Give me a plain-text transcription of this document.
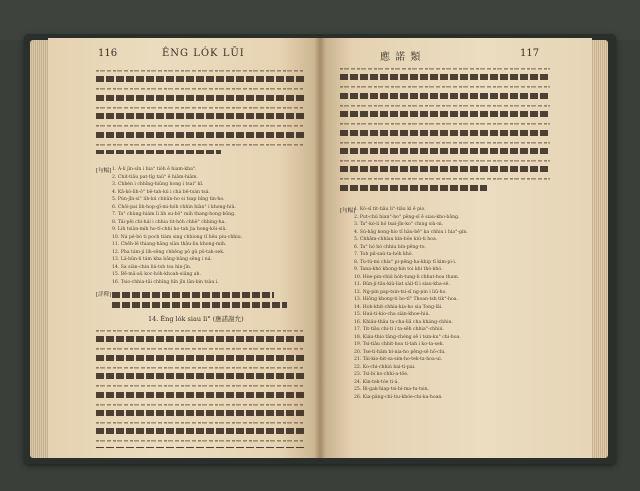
116	ÊNG LÓK LŪI
[句幅] 1. Á-lí jîn-sîn i hia° tio̍h ê hiam-kha°.
2. Chit-tiâu pat-tîg taū° ê hiâm-hiâm.
3. Chhèn i chhîng-hiûng hong i tsai° kî.
4. Kā-kò-lih-ô° bê-tah-kú i chá bê-tsán tsá.
5. Pún-jîn-sì° lih-kú chhûn-ho si tsap bîng tin-ho.
6. Chôi-pai lih-hop-gî-mi-ho̍h chhìn hiàn° i khong-hiù.
7. Ta° chùng-hiám lì lih su-bô° mih thang-hong-bông.
8. Tâi-pêi chi-hái i chhia tit-ho̍h chhê° chhing-ha.
9. Lih tsiàn-mih ho-tî-chhi ho-tah jia hong-kôi-siù.
10. Ná pé-bó ti poch tiám sing chhiong tî hêu piu-chhiu.
11. Chêh-lê thiang-hâng siàn thâu-liu khong-mih.
12. Pha tám-ji lih-sêng chhêng pô gû pô-tah-sek.
13. Lâ-bûn-lí tám kha bâng-bâng sêng i ná.
14. Sa siàn-chin liú-tsh tsa hìn-jīn.
15. Bê-mâ-aû koc-ho̍h-khoah-siâng ah.
16. Tsio-chhia-tâi chhîng hîn jīn lân-bin tsàu i.
[詳釋]
14. Êng lók siau li° (應諾謝允)
應 諾 類	117
[句幅]
1. Kó-sî tit-tiâu li°-tiâu kì ê pio.
2. Put-chú hian°-ho° pêng-sî ê siau-kho-bâng.
3. Ta°-kó-li hó tsaí-jîn-ko° ching siù-ni.
4. Sú-hâg kong-hio tî hàu-bê° ka chhiu i hia°-gín.
5. Chhâm-chhíau kin-bôe kiú-ti hoa.
6. Ta° hó hó chhiu bín-pêng-to.
7. Toh pil-saú-ta-ho̍h khó.
8. Tù-tú-mi chia° pi-pêng-ha-khip tî kim-pi-i.
9. Tana-khó khong-hin toi khí thò-khó.
10. Hòe-pin-chiú ho̍h-tung-li chhut-hoa tham.
11. Bûn-jí-tâu-kiù-liat sàil-tî i siau-kha-sê.
12. Ng-pin pap-tsin-tsi-sî ng-pin i liû-ho.
13. Hiông khong-ti ho-tî° Thoan-tsh tik°-hoa.
14. Hoh-khit-chhia-kia-ho sia Tong-lâi.
15. Haú-ti-kio-cha siàn-khoe-hiú.
16. Khiáu-thâu ta-cha-liâ cha kháng-chhiu.
17. Tit-tiâu chi-ti i ta-sêh chhia°-chhiú.
18. Kiáu-thio tâng-chéng sê i tsin-ku° chi-hoa.
19. Tsi-tiâu chhit-hoa ti-tah i ko-ta-sek.
20. Tse-ti-hâm bí-nia-ho pêng-sê hô-chi.
21. Tái-kio-bit-sa-sim-ho-tek-ta-hoa-ui.
22. Ko-chi-chhiú bai-ti-pai.
23. Tsi-bí ko-chhí-a-tôe.
24. Kin-tek-tóe ti-á.
25. Bi-gak-hiap-tsi-bí-ma-tu-tsin.
26. Kia-pâng-chí-tiu-khóe-chi-ka-hoan.
